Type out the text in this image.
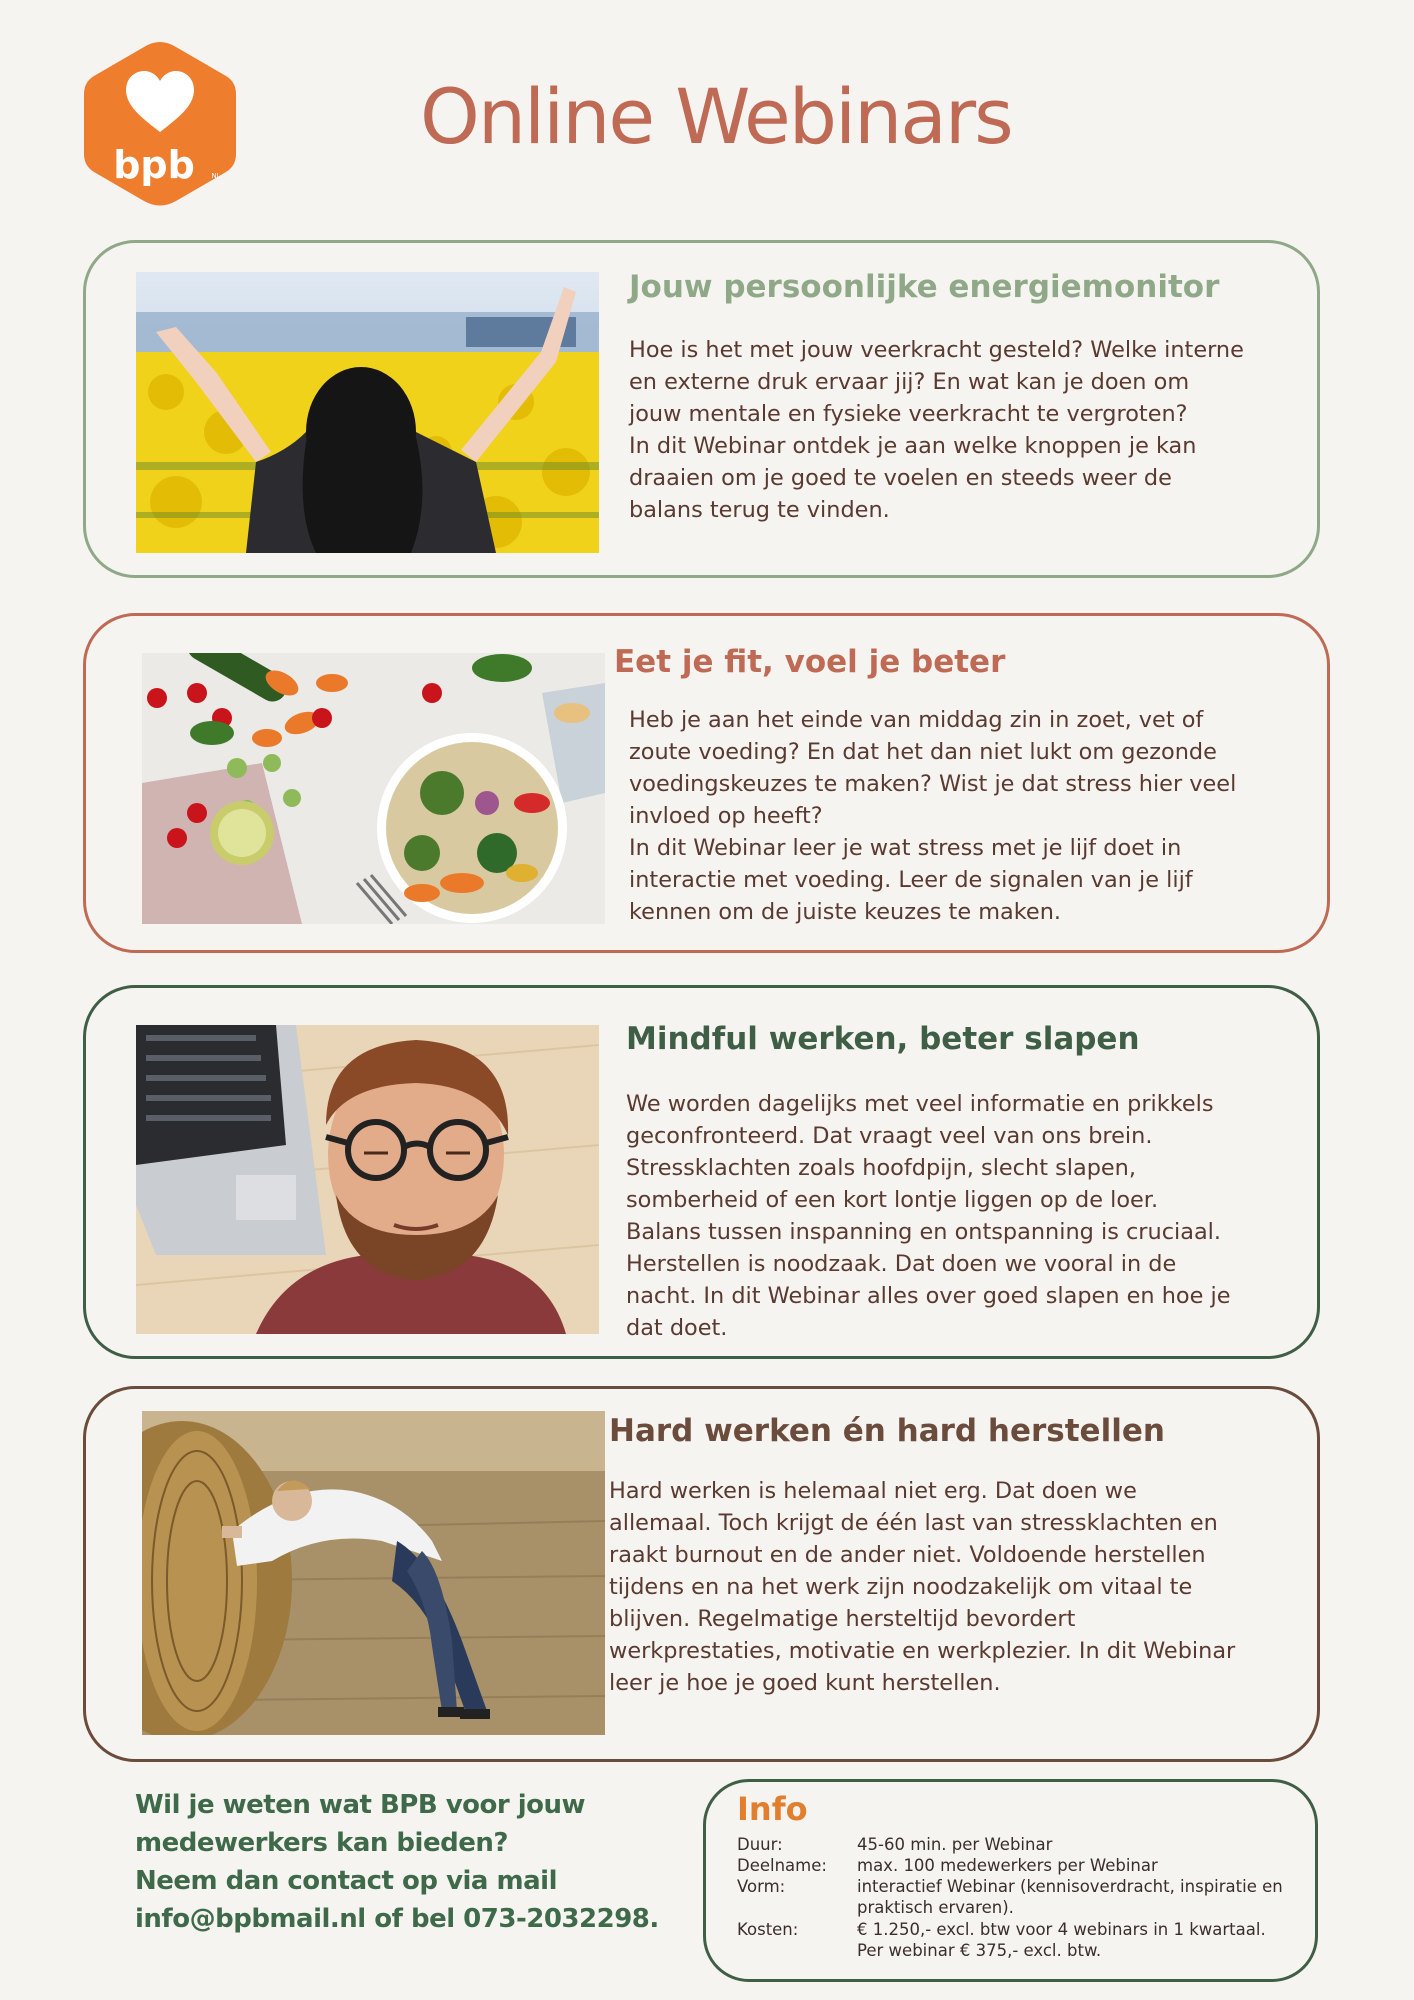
bpb NL
Online Webinars
Jouw persoonlijke energiemonitor

Hoe is het met jouw veerkracht gesteld? Welke interne
en externe druk ervaar jij? En wat kan je doen om
jouw mentale en fysieke veerkracht te vergroten?
In dit Webinar ontdek je aan welke knoppen je kan
draaien om je goed te voelen en steeds weer de
balans terug te vinden.

Eet je fit, voel je beter

Heb je aan het einde van middag zin in zoet, vet of
zoute voeding? En dat het dan niet lukt om gezonde
voedingskeuzes te maken? Wist je dat stress hier veel
invloed op heeft?
In dit Webinar leer je wat stress met je lijf doet in
interactie met voeding. Leer de signalen van je lijf
kennen om de juiste keuzes te maken.

Mindful werken, beter slapen

We worden dagelijks met veel informatie en prikkels
geconfronteerd. Dat vraagt veel van ons brein.
Stressklachten zoals hoofdpijn, slecht slapen,
somberheid of een kort lontje liggen op de loer.
Balans tussen inspanning en ontspanning is cruciaal.
Herstellen is noodzaak. Dat doen we vooral in de
nacht. In dit Webinar alles over goed slapen en hoe je
dat doet.

Hard werken én hard herstellen

Hard werken is helemaal niet erg. Dat doen we
allemaal. Toch krijgt de één last van stressklachten en
raakt burnout en de ander niet. Voldoende herstellen
tijdens en na het werk zijn noodzakelijk om vitaal te
blijven. Regelmatige hersteltijd bevordert
werkprestaties, motivatie en werkplezier. In dit Webinar
leer je hoe je goed kunt herstellen.

Wil je weten wat BPB voor jouw
medewerkers kan bieden?
Neem dan contact op via mail
info@bpbmail.nl of bel 073-2032298.
Info
Duur:	45-60 min. per Webinar
Deelname: max. 100 medewerkers per Webinar
Vorm:	interactief Webinar (kennisoverdracht, inspiratie en praktisch ervaren).
Kosten:	€ 1.250,- excl. btw voor 4 webinars in 1 kwartaal. Per webinar € 375,- excl. btw.
